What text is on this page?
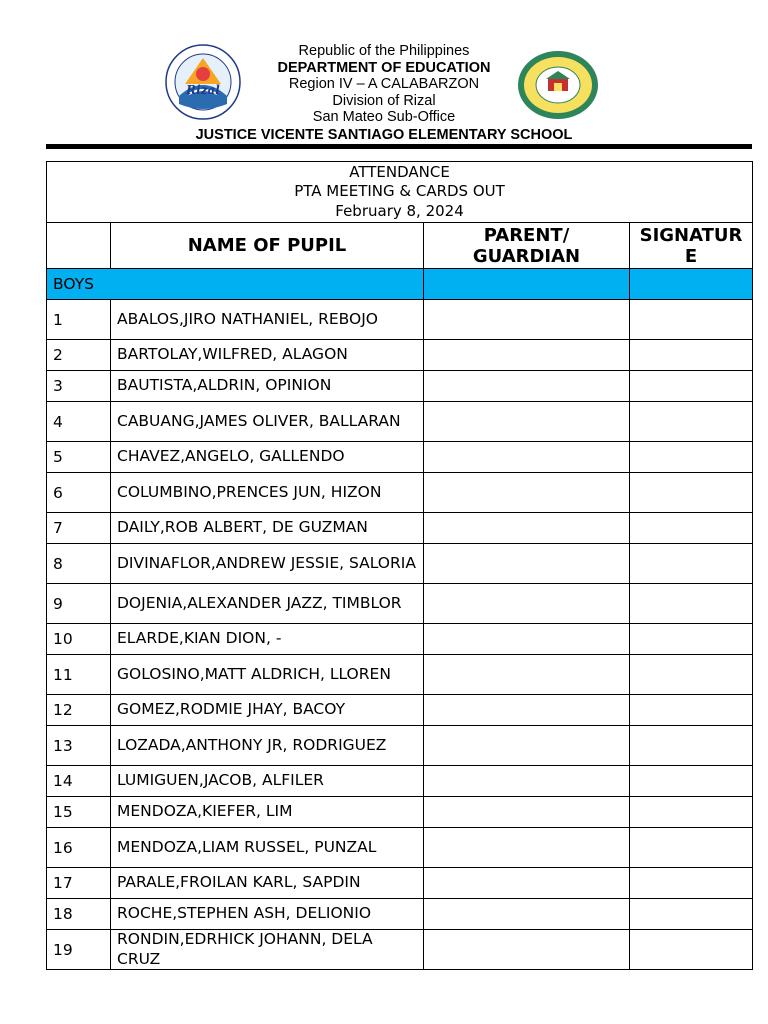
Rizal
Republic of the Philippines
DEPARTMENT OF EDUCATION
Region IV – A CALABARZON
Division of Rizal
San Mateo Sub-Office
JUSTICE VICENTE SANTIAGO ELEMENTARY SCHOOL
ATTENDANCE
PTA MEETING & CARDS OUT
February 8, 2024			

	NAME OF PUPIL	PARENT/ GUARDIAN	SIGNATURE

BOYS			
1	ABALOS,JIRO NATHANIEL, REBOJO		
2	BARTOLAY,WILFRED, ALAGON		
3	BAUTISTA,ALDRIN, OPINION		
4	CABUANG,JAMES OLIVER, BALLARAN		
5	CHAVEZ,ANGELO, GALLENDO		
6	COLUMBINO,PRENCES JUN, HIZON		
7	DAILY,ROB ALBERT, DE GUZMAN		
8	DIVINAFLOR,ANDREW JESSIE, SALORIA		
9	DOJENIA,ALEXANDER JAZZ, TIMBLOR		
10	ELARDE,KIAN DION, -		
11	GOLOSINO,MATT ALDRICH, LLOREN		
12	GOMEZ,RODMIE JHAY, BACOY		
13	LOZADA,ANTHONY JR, RODRIGUEZ		
14	LUMIGUEN,JACOB, ALFILER		
15	MENDOZA,KIEFER, LIM		
16	MENDOZA,LIAM RUSSEL, PUNZAL		
17	PARALE,FROILAN KARL, SAPDIN		
18	ROCHE,STEPHEN ASH, DELIONIO		
19	RONDIN,EDRHICK JOHANN, DELA CRUZ		
